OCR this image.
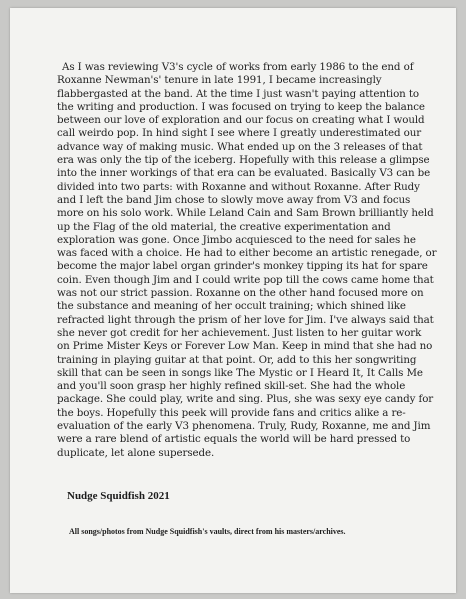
As I was reviewing V3's cycle of works from early 1986 to the end of Roxanne Newman's' tenure in late 1991, I became increasingly flabbergasted at the band. At the time I just wasn't paying attention to the writing and production. I was focused on trying to keep the balance between our love of exploration and our focus on creating what I would call weirdo pop. In hind sight I see where I greatly underestimated our advance way of making music. What ended up on the 3 releases of that era was only the tip of the iceberg. Hopefully with this release a glimpse into the inner workings of that era can be evaluated. Basically V3 can be divided into two parts: with Roxanne and without Roxanne. After Rudy and I left the band Jim chose to slowly move away from V3 and focus more on his solo work. While Leland Cain and Sam Brown brilliantly held up the Flag of the old material, the creative experimentation and exploration was gone. Once Jimbo acquiesced to the need for sales he was faced with a choice. He had to either become an artistic renegade, or become the major label organ grinder's monkey tipping its hat for spare coin. Even though Jim and I could write pop till the cows came home that was not our strict passion. Roxanne on the other hand focused more on the substance and meaning of her occult training; which shined like refracted light through the prism of her love for Jim. I've always said that she never got credit for her achievement. Just listen to her guitar work on Prime Mister Keys or Forever Low Man. Keep in mind that she had no training in playing guitar at that point. Or, add to this her songwriting skill that can be seen in songs like The Mystic or I Heard It, It Calls Me and you'll soon grasp her highly refined skill-set. She had the whole package. She could play, write and sing. Plus, she was sexy eye candy for the boys. Hopefully this peek will provide fans and critics alike a re-evaluation of the early V3 phenomena. Truly, Rudy, Roxanne, me and Jim were a rare blend of artistic equals the world will be hard pressed to duplicate, let alone supersede.

Nudge Squidfish 2021

All songs/photos from Nudge Squidfish's vaults, direct from his masters/archives.
